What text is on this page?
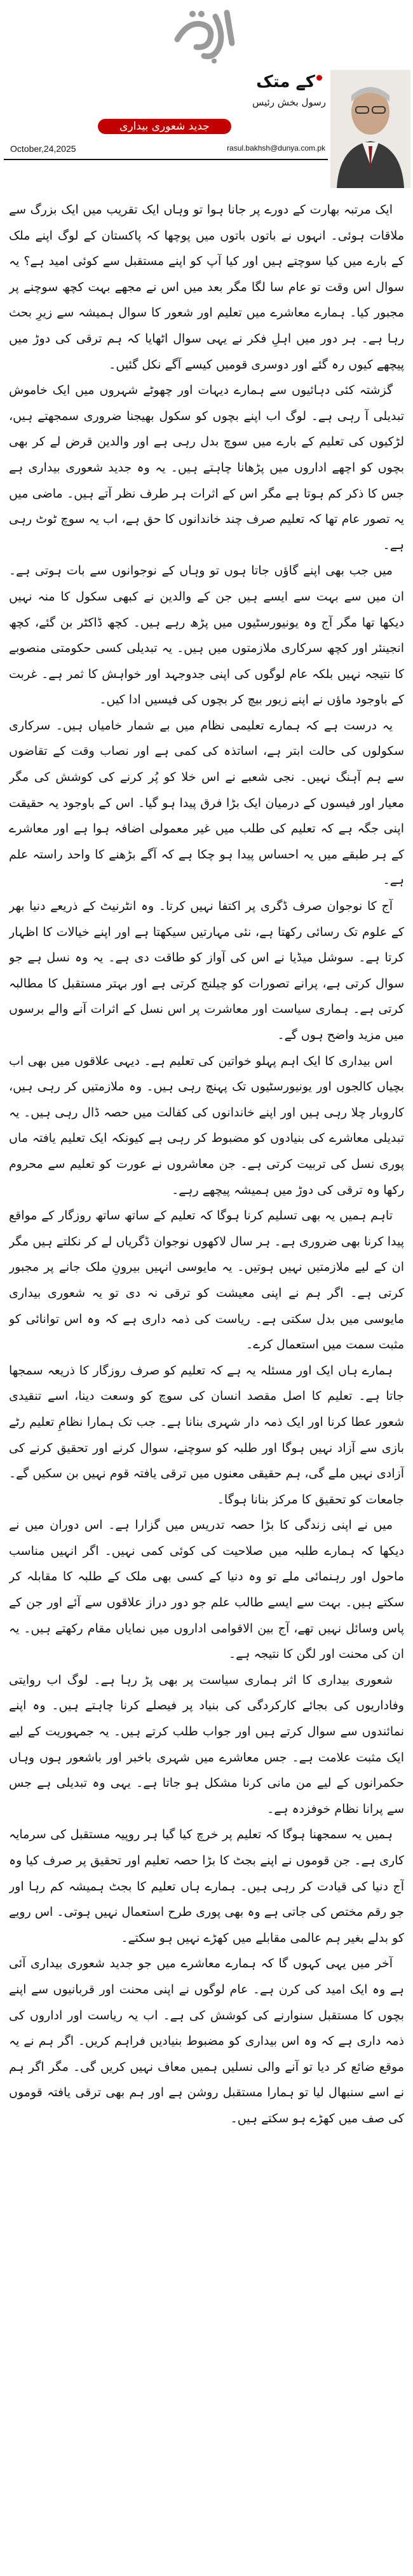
کے متک
رسول بخش رئیس
جدید شعوری بیداری
October,24,2025	rasul.bakhsh@dunya.com.pk

ایک مرتبہ بھارت کے دورے پر جانا ہوا تو وہاں ایک تقریب میں ایک بزرگ سے ملاقات ہوئی۔ انہوں نے باتوں باتوں میں پوچھا کہ پاکستان کے لوگ اپنے ملک کے بارے میں کیا سوچتے ہیں اور کیا آپ کو اپنے مستقبل سے کوئی امید ہے؟ یہ سوال اس وقت تو عام سا لگا مگر بعد میں اس نے مجھے بہت کچھ سوچنے پر مجبور کیا۔ ہمارے معاشرے میں تعلیم اور شعور کا سوال ہمیشہ سے زیرِ بحث رہا ہے۔ ہر دور میں اہلِ فکر نے یہی سوال اٹھایا کہ ہم ترقی کی دوڑ میں پیچھے کیوں رہ گئے اور دوسری قومیں کیسے آگے نکل گئیں۔

گزشتہ کئی دہائیوں سے ہمارے دیہات اور چھوٹے شہروں میں ایک خاموش تبدیلی آ رہی ہے۔ لوگ اب اپنے بچوں کو سکول بھیجنا ضروری سمجھتے ہیں، لڑکیوں کی تعلیم کے بارے میں سوچ بدل رہی ہے اور والدین قرض لے کر بھی بچوں کو اچھے اداروں میں پڑھانا چاہتے ہیں۔ یہ وہ جدید شعوری بیداری ہے جس کا ذکر کم ہوتا ہے مگر اس کے اثرات ہر طرف نظر آتے ہیں۔ ماضی میں یہ تصور عام تھا کہ تعلیم صرف چند خاندانوں کا حق ہے، اب یہ سوچ ٹوٹ رہی ہے۔

میں جب بھی اپنے گاؤں جاتا ہوں تو وہاں کے نوجوانوں سے بات ہوتی ہے۔ ان میں سے بہت سے ایسے ہیں جن کے والدین نے کبھی سکول کا منہ نہیں دیکھا تھا مگر آج وہ یونیورسٹیوں میں پڑھ رہے ہیں۔ کچھ ڈاکٹر بن گئے، کچھ انجینئر اور کچھ سرکاری ملازمتوں میں ہیں۔ یہ تبدیلی کسی حکومتی منصوبے کا نتیجہ نہیں بلکہ عام لوگوں کی اپنی جدوجہد اور خواہش کا ثمر ہے۔ غربت کے باوجود ماؤں نے اپنے زیور بیچ کر بچوں کی فیسیں ادا کیں۔

یہ درست ہے کہ ہمارے تعلیمی نظام میں بے شمار خامیاں ہیں۔ سرکاری سکولوں کی حالت ابتر ہے، اساتذہ کی کمی ہے اور نصاب وقت کے تقاضوں سے ہم آہنگ نہیں۔ نجی شعبے نے اس خلا کو پُر کرنے کی کوشش کی مگر معیار اور فیسوں کے درمیان ایک بڑا فرق پیدا ہو گیا۔ اس کے باوجود یہ حقیقت اپنی جگہ ہے کہ تعلیم کی طلب میں غیر معمولی اضافہ ہوا ہے اور معاشرے کے ہر طبقے میں یہ احساس پیدا ہو چکا ہے کہ آگے بڑھنے کا واحد راستہ علم ہے۔

آج کا نوجوان صرف ڈگری پر اکتفا نہیں کرتا۔ وہ انٹرنیٹ کے ذریعے دنیا بھر کے علوم تک رسائی رکھتا ہے، نئی مہارتیں سیکھتا ہے اور اپنے خیالات کا اظہار کرتا ہے۔ سوشل میڈیا نے اس کی آواز کو طاقت دی ہے۔ یہ وہ نسل ہے جو سوال کرتی ہے، پرانے تصورات کو چیلنج کرتی ہے اور بہتر مستقبل کا مطالبہ کرتی ہے۔ ہماری سیاست اور معاشرت پر اس نسل کے اثرات آنے والے برسوں میں مزید واضح ہوں گے۔

اس بیداری کا ایک اہم پہلو خواتین کی تعلیم ہے۔ دیہی علاقوں میں بھی اب بچیاں کالجوں اور یونیورسٹیوں تک پہنچ رہی ہیں۔ وہ ملازمتیں کر رہی ہیں، کاروبار چلا رہی ہیں اور اپنے خاندانوں کی کفالت میں حصہ ڈال رہی ہیں۔ یہ تبدیلی معاشرے کی بنیادوں کو مضبوط کر رہی ہے کیونکہ ایک تعلیم یافتہ ماں پوری نسل کی تربیت کرتی ہے۔ جن معاشروں نے عورت کو تعلیم سے محروم رکھا وہ ترقی کی دوڑ میں ہمیشہ پیچھے رہے۔

تاہم ہمیں یہ بھی تسلیم کرنا ہوگا کہ تعلیم کے ساتھ ساتھ روزگار کے مواقع پیدا کرنا بھی ضروری ہے۔ ہر سال لاکھوں نوجوان ڈگریاں لے کر نکلتے ہیں مگر ان کے لیے ملازمتیں نہیں ہوتیں۔ یہ مایوسی انہیں بیرونِ ملک جانے پر مجبور کرتی ہے۔ اگر ہم نے اپنی معیشت کو ترقی نہ دی تو یہ شعوری بیداری مایوسی میں بدل سکتی ہے۔ ریاست کی ذمہ داری ہے کہ وہ اس توانائی کو مثبت سمت میں استعمال کرے۔

ہمارے ہاں ایک اور مسئلہ یہ ہے کہ تعلیم کو صرف روزگار کا ذریعہ سمجھا جاتا ہے۔ تعلیم کا اصل مقصد انسان کی سوچ کو وسعت دینا، اسے تنقیدی شعور عطا کرنا اور ایک ذمہ دار شہری بنانا ہے۔ جب تک ہمارا نظامِ تعلیم رٹے بازی سے آزاد نہیں ہوگا اور طلبہ کو سوچنے، سوال کرنے اور تحقیق کرنے کی آزادی نہیں ملے گی، ہم حقیقی معنوں میں ترقی یافتہ قوم نہیں بن سکیں گے۔ جامعات کو تحقیق کا مرکز بنانا ہوگا۔

میں نے اپنی زندگی کا بڑا حصہ تدریس میں گزارا ہے۔ اس دوران میں نے دیکھا کہ ہمارے طلبہ میں صلاحیت کی کوئی کمی نہیں۔ اگر انہیں مناسب ماحول اور رہنمائی ملے تو وہ دنیا کے کسی بھی ملک کے طلبہ کا مقابلہ کر سکتے ہیں۔ بہت سے ایسے طالب علم جو دور دراز علاقوں سے آئے اور جن کے پاس وسائل نہیں تھے، آج بین الاقوامی اداروں میں نمایاں مقام رکھتے ہیں۔ یہ ان کی محنت اور لگن کا نتیجہ ہے۔

شعوری بیداری کا اثر ہماری سیاست پر بھی پڑ رہا ہے۔ لوگ اب روایتی وفاداریوں کی بجائے کارکردگی کی بنیاد پر فیصلے کرنا چاہتے ہیں۔ وہ اپنے نمائندوں سے سوال کرتے ہیں اور جواب طلب کرتے ہیں۔ یہ جمہوریت کے لیے ایک مثبت علامت ہے۔ جس معاشرے میں شہری باخبر اور باشعور ہوں وہاں حکمرانوں کے لیے من مانی کرنا مشکل ہو جاتا ہے۔ یہی وہ تبدیلی ہے جس سے پرانا نظام خوفزدہ ہے۔

ہمیں یہ سمجھنا ہوگا کہ تعلیم پر خرچ کیا گیا ہر روپیہ مستقبل کی سرمایہ کاری ہے۔ جن قوموں نے اپنے بجٹ کا بڑا حصہ تعلیم اور تحقیق پر صرف کیا وہ آج دنیا کی قیادت کر رہی ہیں۔ ہمارے ہاں تعلیم کا بجٹ ہمیشہ کم رہا اور جو رقم مختص کی جاتی ہے وہ بھی پوری طرح استعمال نہیں ہوتی۔ اس رویے کو بدلے بغیر ہم عالمی مقابلے میں کھڑے نہیں ہو سکتے۔

آخر میں یہی کہوں گا کہ ہمارے معاشرے میں جو جدید شعوری بیداری آئی ہے وہ ایک امید کی کرن ہے۔ عام لوگوں نے اپنی محنت اور قربانیوں سے اپنے بچوں کا مستقبل سنوارنے کی کوشش کی ہے۔ اب یہ ریاست اور اداروں کی ذمہ داری ہے کہ وہ اس بیداری کو مضبوط بنیادیں فراہم کریں۔ اگر ہم نے یہ موقع ضائع کر دیا تو آنے والی نسلیں ہمیں معاف نہیں کریں گی۔ مگر اگر ہم نے اسے سنبھال لیا تو ہمارا مستقبل روشن ہے اور ہم بھی ترقی یافتہ قوموں کی صف میں کھڑے ہو سکتے ہیں۔
